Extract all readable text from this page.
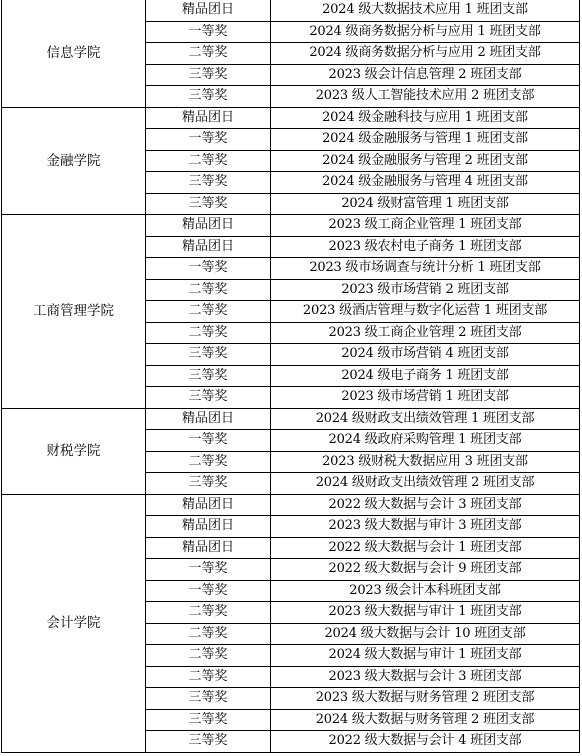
信息学院	精品团日	2024 级大数据技术应用 1 班团支部
	一等奖	2024 级商务数据分析与应用 1 班团支部
	二等奖	2024 级商务数据分析与应用 2 班团支部
	三等奖	2023 级会计信息管理 2 班团支部
	三等奖	2023 级人工智能技术应用 2 班团支部
金融学院	精品团日	2024 级金融科技与应用 1 班团支部
	一等奖	2024 级金融服务与管理 1 班团支部
	二等奖	2024 级金融服务与管理 2 班团支部
	三等奖	2024 级金融服务与管理 4 班团支部
	三等奖	2024 级财富管理 1 班团支部
工商管理学院	精品团日	2023 级工商企业管理 1 班团支部
	精品团日	2023 级农村电子商务 1 班团支部
	一等奖	2023 级市场调查与统计分析 1 班团支部
	二等奖	2023 级市场营销 2 班团支部
	二等奖	2023 级酒店管理与数字化运营 1 班团支部
	二等奖	2023 级工商企业管理 2 班团支部
	三等奖	2024 级市场营销 4 班团支部
	三等奖	2024 级电子商务 1 班团支部
	三等奖	2023 级市场营销 1 班团支部
财税学院	精品团日	2024 级财政支出绩效管理 1 班团支部
	一等奖	2024 级政府采购管理 1 班团支部
	二等奖	2023 级财税大数据应用 3 班团支部
	三等奖	2024 级财政支出绩效管理 2 班团支部
会计学院	精品团日	2022 级大数据与会计 3 班团支部
	精品团日	2023 级大数据与审计 3 班团支部
	精品团日	2022 级大数据与会计 1 班团支部
	一等奖	2022 级大数据与会计 9 班团支部
	一等奖	2023 级会计本科班团支部
	二等奖	2023 级大数据与审计 1 班团支部
	二等奖	2024 级大数据与会计 10 班团支部
	二等奖	2024 级大数据与审计 1 班团支部
	二等奖	2023 级大数据与会计 3 班团支部
	三等奖	2023 级大数据与财务管理 2 班团支部
	三等奖	2024 级大数据与财务管理 2 班团支部
	三等奖	2022 级大数据与会计 4 班团支部
